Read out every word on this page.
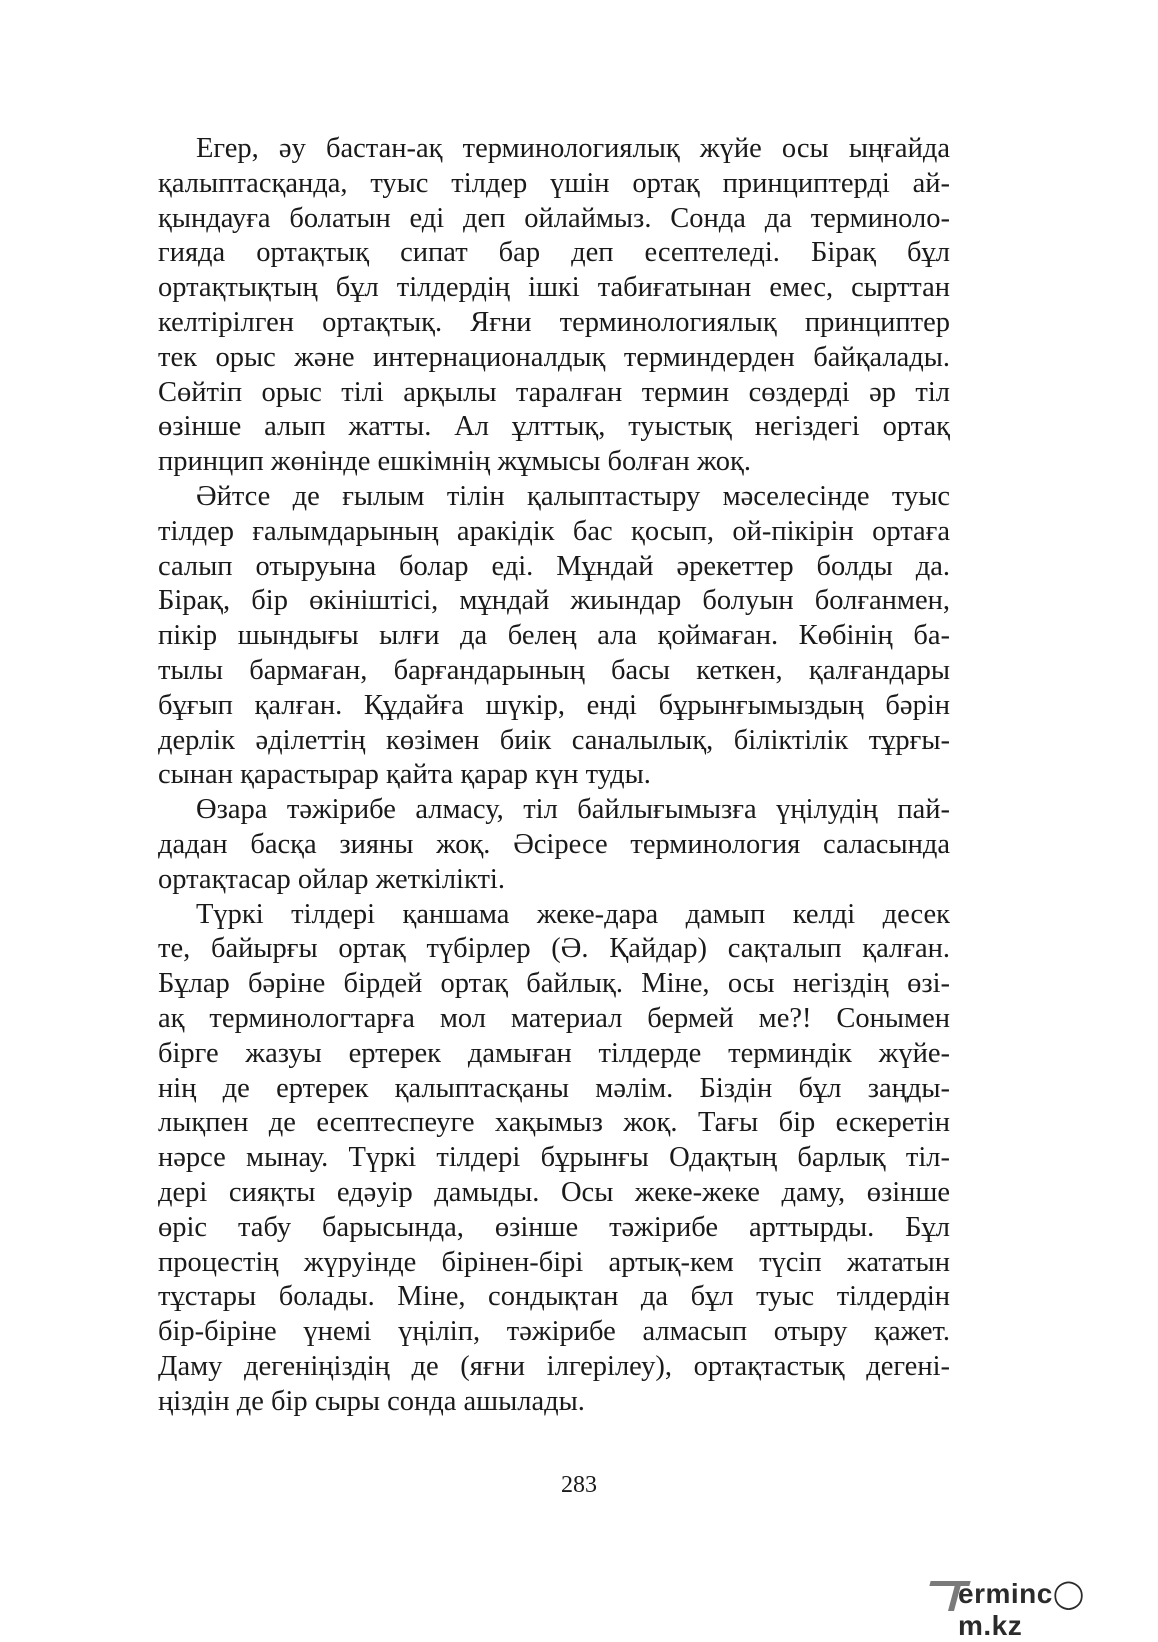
Егер, әу бастан-ақ терминологиялық жүйе осы ыңғайда
қалыптасқанда, туыс тілдер үшін ортақ принциптерді ай-
қындауға болатын еді деп ойлаймыз. Сонда да терминоло-
гияда ортақтық сипат бар деп есептеледі. Бірақ бұл
ортақтықтың бұл тілдердің ішкі табиғатынан емес, сырттан
келтірілген ортақтық. Яғни терминологиялық принциптер
тек орыс және интернационалдық терминдерден байқалады.
Сөйтіп орыс тілі арқылы таралған термин сөздерді әр тіл
өзінше алып жатты. Ал ұлттық, туыстық негіздегі ортақ
принцип жөнінде ешкімнің жұмысы болған жоқ.
Әйтсе де ғылым тілін қалыптастыру мәселесінде туыс
тілдер ғалымдарының аракідік бас қосып, ой-пікірін ортаға
салып отыруына болар еді. Мұндай әрекеттер болды да.
Бірақ, бір өкініштісі, мұндай жиындар болуын болғанмен,
пікір шындығы ылғи да белең ала қоймаған. Көбінің ба-
тылы бармаған, барғандарының басы кеткен, қалғандары
бұғып қалған. Құдайға шүкір, енді бұрынғымыздың бәрін
дерлік әділеттің көзімен биік саналылық, біліктілік тұрғы-
сынан қарастырар қайта қарар күн туды.
Өзара тәжірибе алмасу, тіл байлығымызға үңілудің пай-
дадан басқа зияны жоқ. Әсіресе терминология саласында
ортақтасар ойлар жеткілікті.
Түркі тілдері қаншама жеке-дара дамып келді десек
те, байырғы ортақ түбірлер (Ә. Қайдар) сақталып қалған.
Бұлар бәріне бірдей ортақ байлық. Міне, осы негіздің өзі-
ақ терминологтарға мол материал бермей ме?! Сонымен
бірге жазуы ертерек дамыған тілдерде терминдік жүйе-
нің де ертерек қалыптасқаны мәлім. Біздін бұл заңды-
лықпен де есептеспеуге хақымыз жоқ. Тағы бір ескеретін
нәрсе мынау. Түркі тілдері бұрынғы Одақтың барлық тіл-
дері сияқты едәуір дамыды. Осы жеке-жеке даму, өзінше
өріс табу барысында, өзінше тәжірибе арттырды. Бұл
процестің жүруінде бірінен-бірі артық-кем түсіп жататын
тұстары болады. Міне, сондықтан да бұл туыс тілдердін
бір-біріне үнемі үңіліп, тәжірибе алмасып отыру қажет.
Даму дегеніңіздің де (яғни ілгерілеу), ортақтастық дегені-
ңіздін де бір сыры сонда ашылады.
283
erminc◯ m.kz
